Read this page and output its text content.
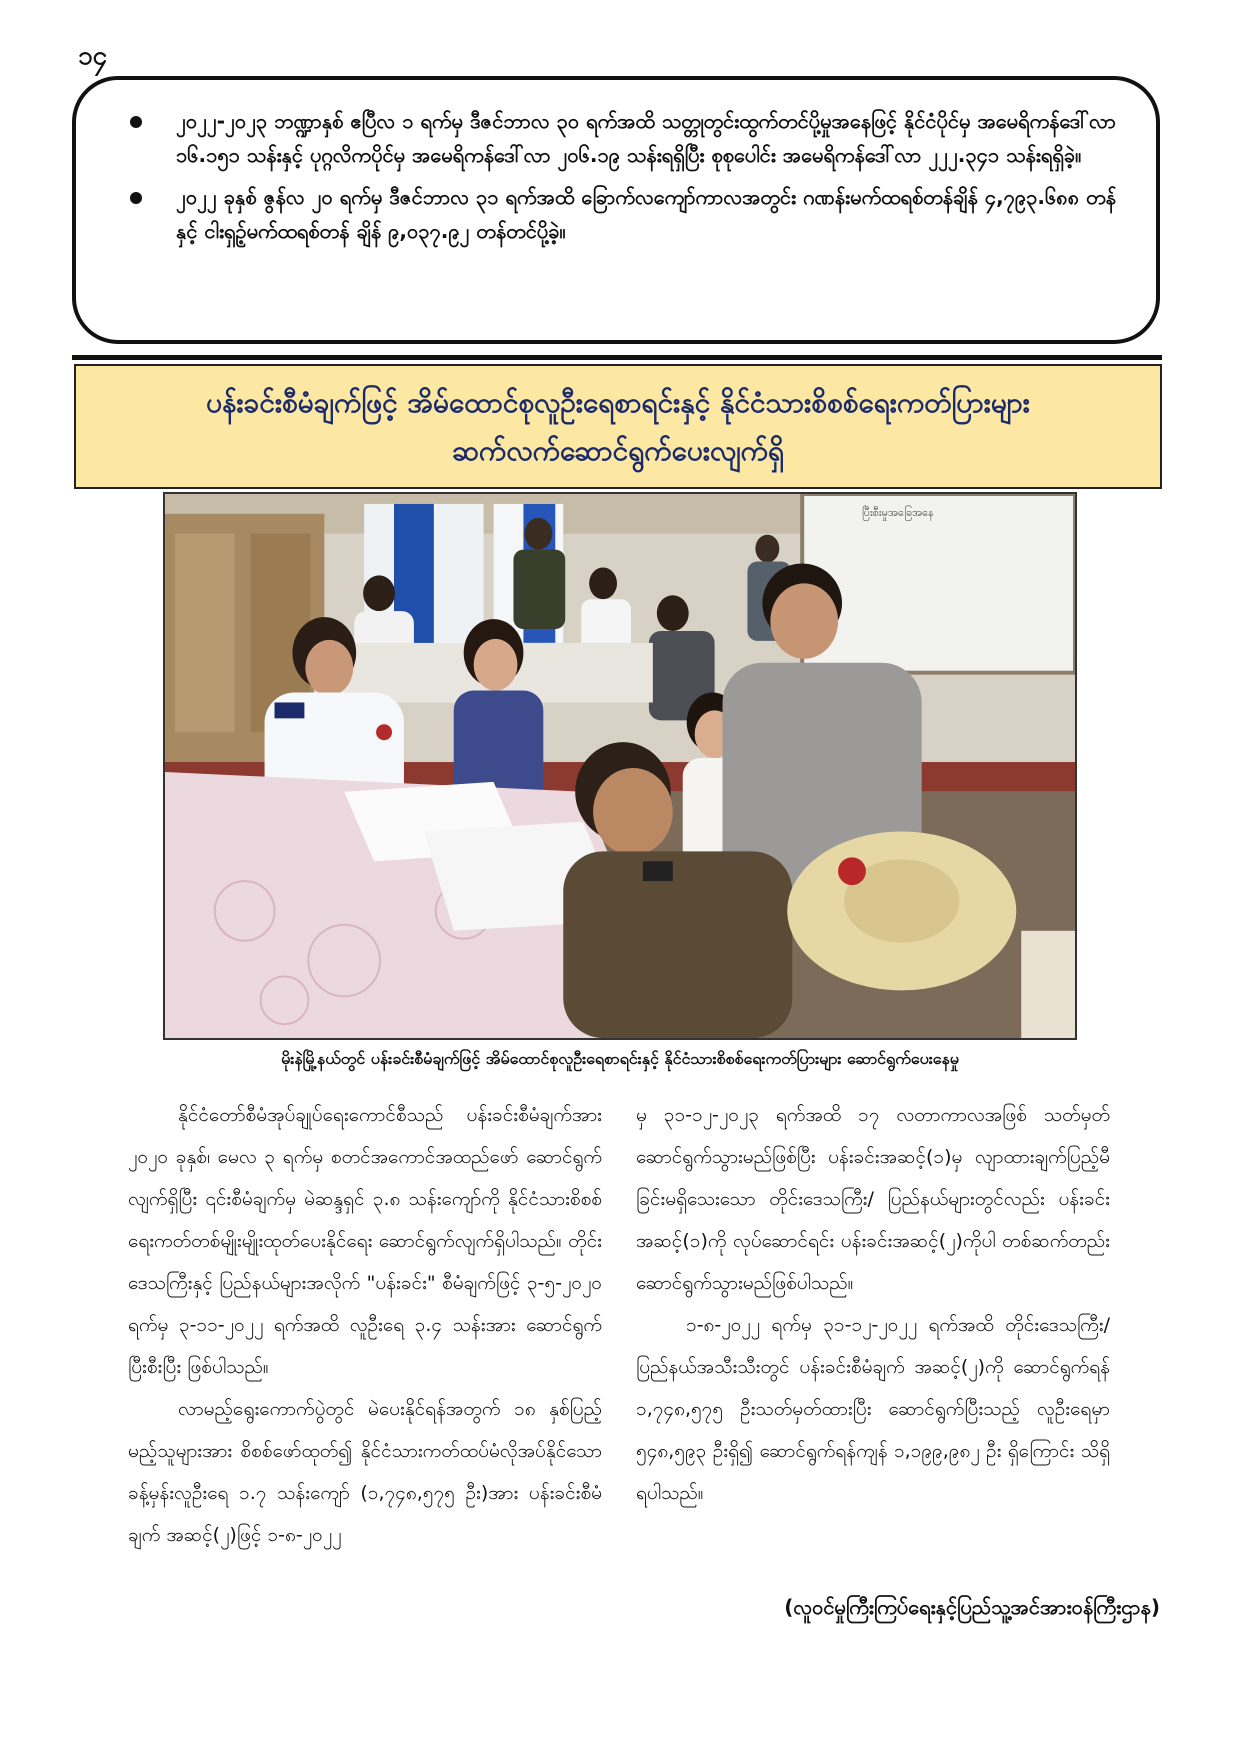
၁၄
၂၀၂၂-၂၀၂၃ ဘဏ္ဍာနှစ် ဧပြီလ ၁ ရက်မှ ဒီဇင်ဘာလ ၃၀ ရက်အထိ သတ္တုတွင်းထွက်တင်ပို့မှုအနေဖြင့် နိုင်ငံပိုင်မှ အမေရိကန်ဒေါ်လာ ၁၆.၁၅၁ သန်းနှင့် ပုဂ္ဂလိကပိုင်မှ အမေရိကန်ဒေါ်လာ ၂၀၆.၁၉ သန်းရရှိပြီး စုစုပေါင်း အမေရိကန်ဒေါ်လာ ၂၂၂.၃၄၁ သန်းရရှိခဲ့။
၂၀၂၂ ခုနှစ် ဇွန်လ ၂၀ ရက်မှ ဒီဇင်ဘာလ ၃၁ ရက်အထိ ခြောက်လကျော်ကာလအတွင်း ဂဏန်းမက်ထရစ်တန်ချိန် ၄,၇၉၃.၆၈၈ တန်နှင့် ငါးရှဉ့်မက်ထရစ်တန် ချိန် ၉,၀၃၇.၉၂ တန်တင်ပို့ခဲ့။
ပန်းခင်းစီမံချက်ဖြင့် အိမ်ထောင်စုလူဦးရေစာရင်းနှင့် နိုင်ငံသားစိစစ်ရေးကတ်ပြားများ
ဆက်လက်ဆောင်ရွက်ပေးလျက်ရှိ
ပြီးစီးမှုအခြေအနေ
မိုးနဲမြို့နယ်တွင် ပန်းခင်းစီမံချက်ဖြင့် အိမ်ထောင်စုလူဦးရေစာရင်းနှင့် နိုင်ငံသားစိစစ်ရေးကတ်ပြားများ ဆောင်ရွက်ပေးနေမှု

နိုင်ငံတော်စီမံအုပ်ချုပ်ရေးကောင်စီသည် ပန်းခင်းစီမံချက်အား ၂၀၂၀ ခုနှစ်၊ မေလ ၃ ရက်မှ စတင်အကောင်အထည်ဖော် ဆောင်ရွက်လျက်ရှိပြီး ၎င်းစီမံချက်မှ မဲဆန္ဒရှင် ၃.၈ သန်းကျော်ကို နိုင်ငံသားစိစစ်ရေးကတ်တစ်မျိုးမျိုးထုတ်ပေးနိုင်ရေး ဆောင်ရွက်လျက်ရှိပါသည်။ တိုင်းဒေသကြီးနှင့် ပြည်နယ်များအလိုက် "ပန်းခင်း" စီမံချက်ဖြင့် ၃-၅-၂၀၂၀ ရက်မှ ၃-၁၁-၂၀၂၂ ရက်အထိ လူဦးရေ ၃.၄ သန်းအား ဆောင်ရွက်ပြီးစီးပြီး ဖြစ်ပါသည်။

လာမည့်ရွေးကောက်ပွဲတွင် မဲပေးနိုင်ရန်အတွက် ၁၈ နှစ်ပြည့်မည့်သူများအား စိစစ်ဖော်ထုတ်၍ နိုင်ငံသားကတ်ထပ်မံလိုအပ်နိုင်သော ခန့်မှန်းလူဦးရေ ၁.၇ သန်းကျော် (၁,၇၄၈,၅၇၅ ဦး)အား ပန်းခင်းစီမံချက် အဆင့်(၂)ဖြင့် ၁-၈-၂၀၂၂

မှ ၃၁-၁၂-၂၀၂၃ ရက်အထိ ၁၇ လတာကာလအဖြစ် သတ်မှတ်ဆောင်ရွက်သွားမည်ဖြစ်ပြီး ပန်းခင်းအဆင့်(၁)မှ လျာထားချက်ပြည့်မီခြင်းမရှိသေးသော တိုင်းဒေသကြီး/ ပြည်နယ်များတွင်လည်း ပန်းခင်းအဆင့်(၁)ကို လုပ်ဆောင်ရင်း ပန်းခင်းအဆင့်(၂)ကိုပါ တစ်ဆက်တည်း ဆောင်ရွက်သွားမည်ဖြစ်ပါသည်။

၁-၈-၂၀၂၂ ရက်မှ ၃၁-၁၂-၂၀၂၂ ရက်အထိ တိုင်းဒေသကြီး/ပြည်နယ်အသီးသီးတွင် ပန်းခင်းစီမံချက် အဆင့်(၂)ကို ဆောင်ရွက်ရန် ၁,၇၄၈,၅၇၅ ဦးသတ်မှတ်ထားပြီး ဆောင်ရွက်ပြီးသည့် လူဦးရေမှာ ၅၄၈,၅၉၃ ဦးရှိ၍ ဆောင်ရွက်ရန်ကျန် ၁,၁၉၉,၉၈၂ ဦး ရှိကြောင်း သိရှိရပါသည်။

(လူဝင်မှုကြီးကြပ်ရေးနှင့်ပြည်သူ့အင်အားဝန်ကြီးဌာန)
